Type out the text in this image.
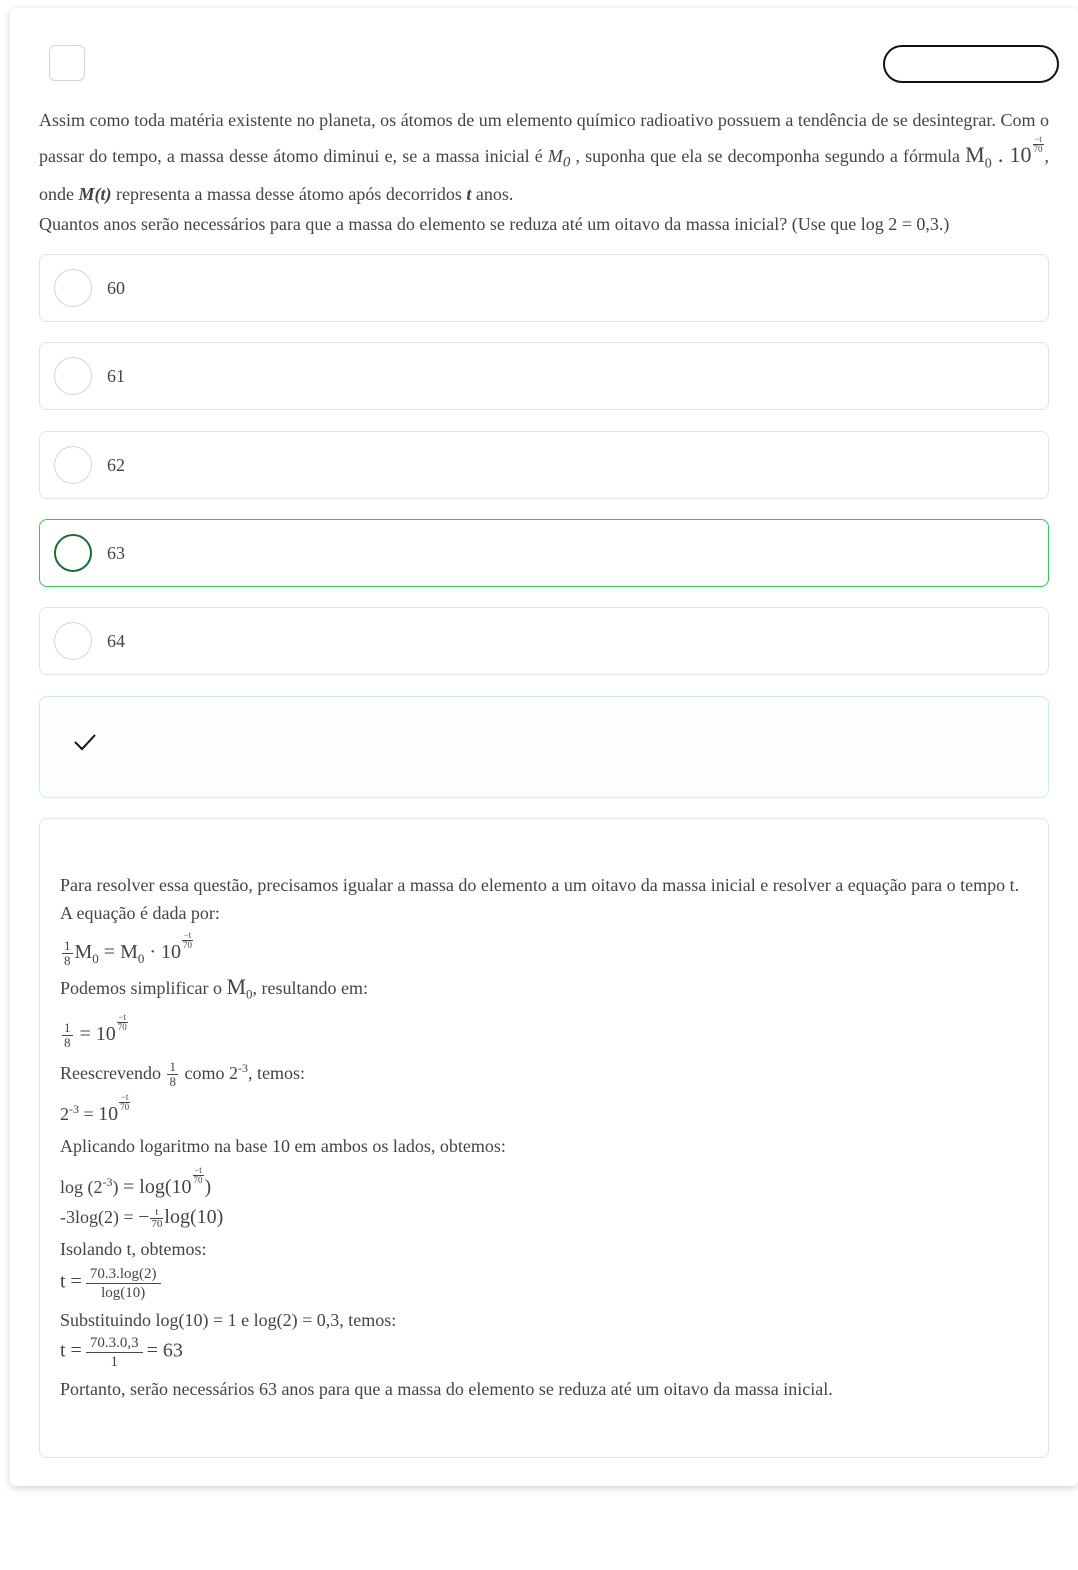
Assim como toda matéria existente no planeta, os átomos de um elemento químico radioativo possuem a tendência de se desintegrar. Com o passar do tempo, a massa desse átomo diminui e, se a massa inicial é $M_0$ , suponha que ela se decomponha segundo a fórmula $M_0$ . $10 \frac{-t}{70}$
, onde M(t) representa a massa desse átomo após decorridos t anos.

Quantos anos serão necessários para que a massa do elemento se reduza até um oitavo da massa inicial? (Use que log 2 = 0,3.)

60
61
62
63
64

Para resolver essa questão, precisamos igualar a massa do elemento a um oitavo da massa inicial e resolver a equação para o tempo t. A equação é dada por:

$\frac{1}{8} M_0 = M_0 \cdot 10$
$\frac{-t}{70}$

Podemos simplificar o $M_0$, resultando em:

$\frac{1}{8} = 10$
$\frac{-t}{70}$

Reescrevendo $\frac{1}{8}$ como $2^{-3}$, temos:

$2^{-3} = 10$
$\frac{-t}{70}$

Aplicando logaritmo na base 10 em ambos os lados, obtemos:

$\log (2^{-3}) = \log(10$
$\frac{-t}{70}$
)

-3log(2) = − $\frac{t}{70} \log(10)$

Isolando t, obtemos:

$t = \frac{70.3.\log(2)}{\log(10)}$

Substituindo log(10) = 1 e log(2) = 0,3, temos:

$t = \frac{70.3.0,3}{1} = 63$

Portanto, serão necessários 63 anos para que a massa do elemento se reduza até um oitavo da massa inicial.
